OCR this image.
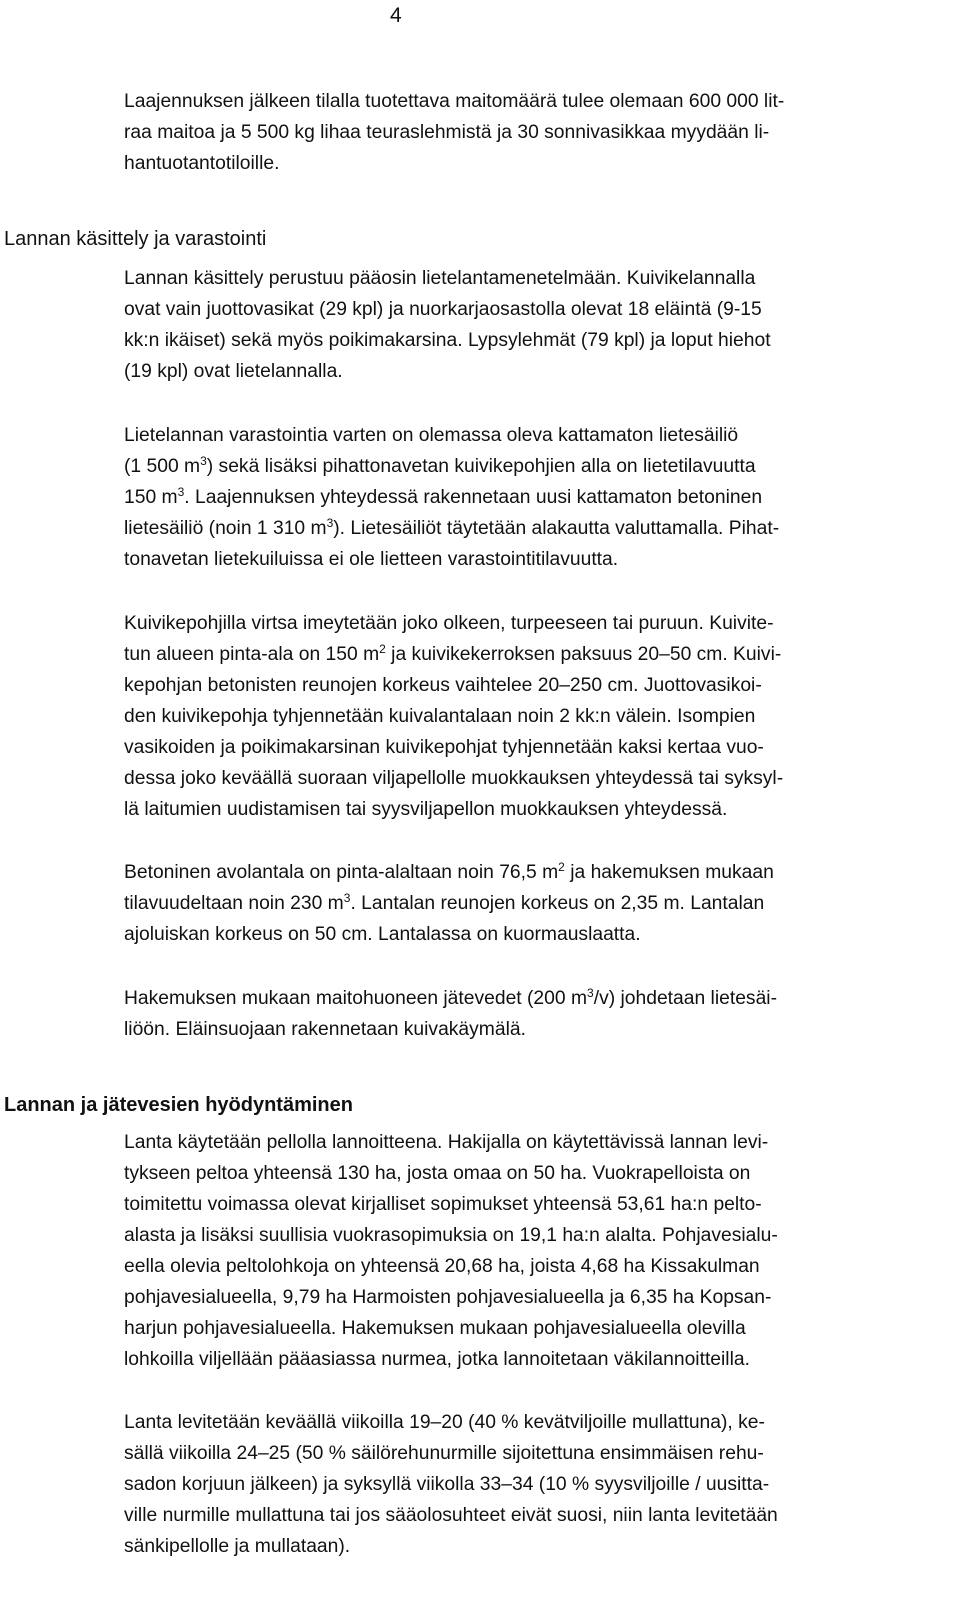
4

Laajennuksen jälkeen tilalla tuotettava maitomäärä tulee olemaan 600 000 lit-
raa maitoa ja 5 500 kg lihaa teuraslehmistä ja 30 sonnivasikkaa myydään li-
hantuotantotiloille.

Lannan käsittely ja varastointi

Lannan käsittely perustuu pääosin lietelantamenetelmään. Kuivikelannalla
ovat vain juottovasikat (29 kpl) ja nuorkarjaosastolla olevat 18 eläintä (9-15
kk:n ikäiset) sekä myös poikimakarsina. Lypsylehmät (79 kpl) ja loput hiehot
(19 kpl) ovat lietelannalla.

Lietelannan varastointia varten on olemassa oleva kattamaton lietesäiliö
(1 500 $m^3$) sekä lisäksi pihattonavetan kuivikepohjien alla on lietetilavuutta
150 $m^3$. Laajennuksen yhteydessä rakennetaan uusi kattamaton betoninen
lietesäiliö (noin 1 310 $m^3$). Lietesäiliöt täytetään alakautta valuttamalla. Pihat-
tonavetan lietekuiluissa ei ole lietteen varastointitilavuutta.

Kuivikepohjilla virtsa imeytetään joko olkeen, turpeeseen tai puruun. Kuivite-
tun alueen pinta-ala on 150 $m^2$ ja kuivikekerroksen paksuus 20–50 cm. Kuivi-
kepohjan betonisten reunojen korkeus vaihtelee 20–250 cm. Juottovasikoi-
den kuivikepohja tyhjennetään kuivalantalaan noin 2 kk:n välein. Isompien
vasikoiden ja poikimakarsinan kuivikepohjat tyhjennetään kaksi kertaa vuo-
dessa joko keväällä suoraan viljapellolle muokkauksen yhteydessä tai syksyl-
lä laitumien uudistamisen tai syysviljapellon muokkauksen yhteydessä.

Betoninen avolantala on pinta-alaltaan noin 76,5 $m^2$ ja hakemuksen mukaan
tilavuudeltaan noin 230 $m^3$. Lantalan reunojen korkeus on 2,35 m. Lantalan
ajoluiskan korkeus on 50 cm. Lantalassa on kuormauslaatta.

Hakemuksen mukaan maitohuoneen jätevedet (200 $m^3/v$) johdetaan lietesäi-
liöön. Eläinsuojaan rakennetaan kuivakäymälä.

Lannan ja jätevesien hyödyntäminen

Lanta käytetään pellolla lannoitteena. Hakijalla on käytettävissä lannan levi-
tykseen peltoa yhteensä 130 ha, josta omaa on 50 ha. Vuokrapelloista on
toimitettu voimassa olevat kirjalliset sopimukset yhteensä 53,61 ha:n pelto-
alasta ja lisäksi suullisia vuokrasopimuksia on 19,1 ha:n alalta. Pohjavesialu-
eella olevia peltolohkoja on yhteensä 20,68 ha, joista 4,68 ha Kissakulman
pohjavesialueella, 9,79 ha Harmoisten pohjavesialueella ja 6,35 ha Kopsan-
harjun pohjavesialueella. Hakemuksen mukaan pohjavesialueella olevilla
lohkoilla viljellään pääasiassa nurmea, jotka lannoitetaan väkilannoitteilla.

Lanta levitetään keväällä viikoilla 19–20 (40 % kevätviljoille mullattuna), ke-
sällä viikoilla 24–25 (50 % säilörehunurmille sijoitettuna ensimmäisen rehu-
sadon korjuun jälkeen) ja syksyllä viikolla 33–34 (10 % syysviljoille / uusitta-
ville nurmille mullattuna tai jos sääolosuhteet eivät suosi, niin lanta levitetään
sänkipellolle ja mullataan).
